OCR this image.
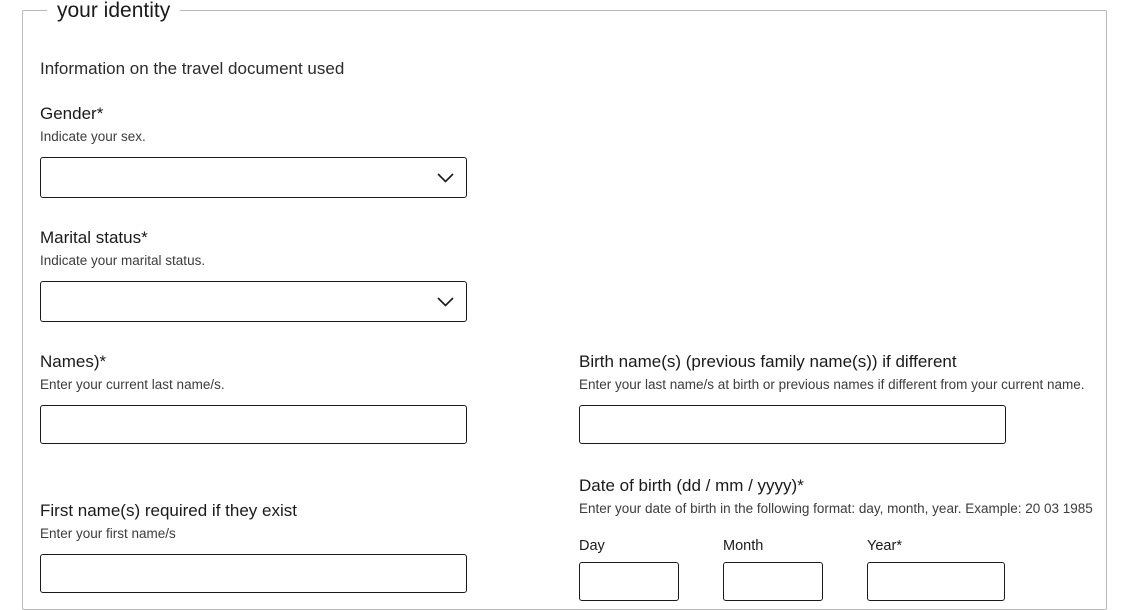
your identity
Information on the travel document used
Gender*
Indicate your sex.
Marital status*
Indicate your marital status.
Names)*
Enter your current last name/s.
Birth name(s) (previous family name(s)) if different
Enter your last name/s at birth or previous names if different from your current name.
First name(s) required if they exist
Enter your first name/s
Date of birth (dd / mm / yyyy)*
Enter your date of birth in the following format: day, month, year. Example: 20 03 1985
Day	Month	Year*
